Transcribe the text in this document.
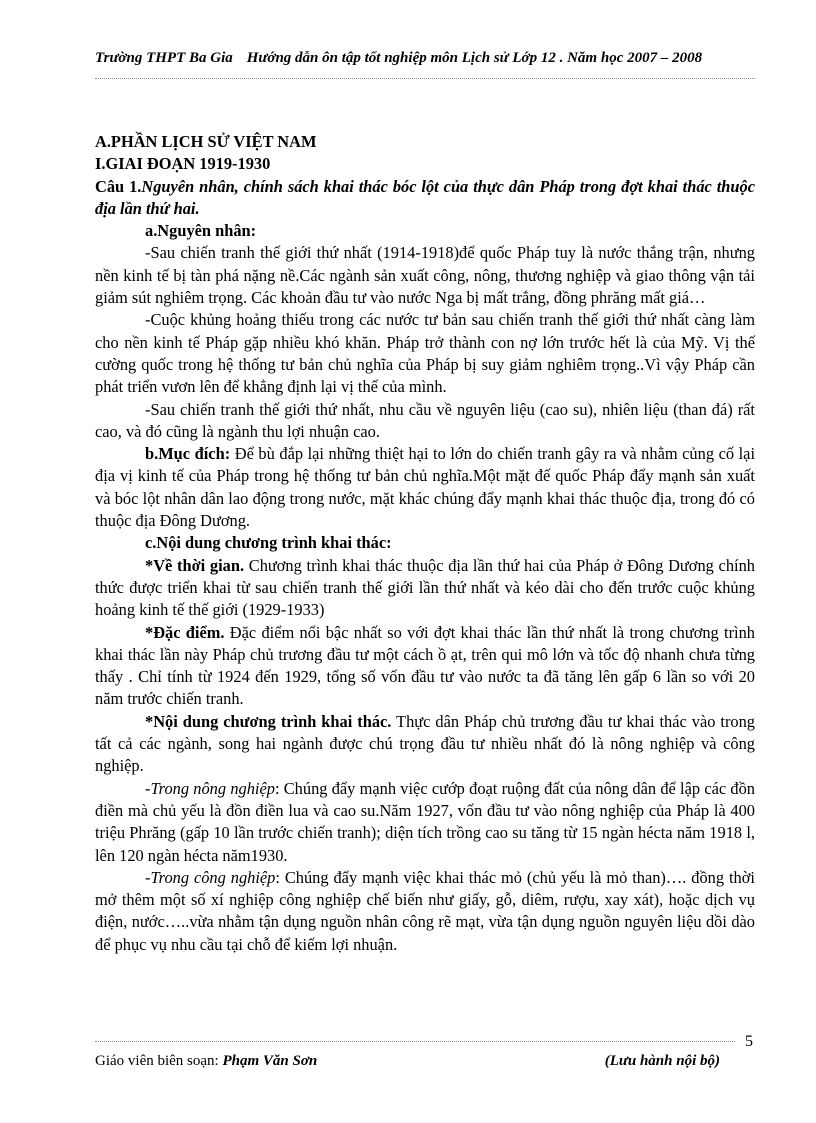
Trường THPT Ba Gia Hướng dẫn ôn tập tốt nghiệp môn Lịch sử Lớp 12 . Năm học 2007 – 2008

A.PHẦN LỊCH SỬ VIỆT NAM

I.GIAI ĐOẠN 1919-1930

Câu 1.Nguyên nhân, chính sách khai thác bóc lột của thực dân Pháp trong đợt khai thác thuộc địa lần thứ hai.

a.Nguyên nhân:

-Sau chiến tranh thế giới thứ nhất (1914-1918)để quốc Pháp tuy là nước thắng trận, nhưng nền kinh tế bị tàn phá nặng nề.Các ngành sản xuất công, nông, thương nghiệp và giao thông vận tải giảm sút nghiêm trọng. Các khoản đầu tư vào nước Nga bị mất trắng, đồng phrăng mất giá…

-Cuộc khủng hoảng thiếu trong các nước tư bản sau chiến tranh thế giới thứ nhất càng làm cho nền kinh tế Pháp gặp nhiều khó khăn. Pháp trở thành con nợ lớn trước hết là của Mỹ. Vị thế cường quốc trong hệ thống tư bản chủ nghĩa của Pháp bị suy giảm nghiêm trọng..Vì vậy Pháp cần phát triển vươn lên để khẳng định lại vị thế của mình.

-Sau chiến tranh thế giới thứ nhất, nhu cầu về nguyên liệu (cao su), nhiên liệu (than đá) rất cao, và đó cũng là ngành thu lợi nhuận cao.

b.Mục đích: Để bù đắp lại những thiệt hại to lớn do chiến tranh gây ra và nhằm củng cố lại địa vị kinh tế của Pháp trong hệ thống tư bản chủ nghĩa.Một mặt đế quốc Pháp đẩy mạnh sản xuất và bóc lột nhân dân lao động trong nước, mặt khác chúng đẩy mạnh khai thác thuộc địa, trong đó có thuộc địa Đông Dương.

c.Nội dung chương trình khai thác:

*Về thời gian. Chương trình khai thác thuộc địa lần thứ hai của Pháp ở Đông Dương chính thức được triển khai từ sau chiến tranh thế giới lần thứ nhất và kéo dài cho đến trước cuộc khủng hoảng kinh tế thế giới (1929-1933)

*Đặc điểm. Đặc điểm nổi bậc nhất so với đợt khai thác lần thứ nhất là trong chương trình khai thác lần này Pháp chủ trương đầu tư một cách ồ ạt, trên qui mô lớn và tốc độ nhanh chưa từng thấy . Chỉ tính từ 1924 đến 1929, tổng số vốn đầu tư vào nước ta đã tăng lên gấp 6 lần so với 20 năm trước chiến tranh.

*Nội dung chương trình khai thác. Thực dân Pháp chủ trương đầu tư khai thác vào trong tất cả các ngành, song hai ngành được chú trọng đầu tư nhiều nhất đó là nông nghiệp và công nghiệp.

-Trong nông nghiệp: Chúng đẩy mạnh việc cướp đoạt ruộng đất của nông dân để lập các đồn điền mà chủ yếu là đồn điền lua và cao su.Năm 1927, vốn đầu tư vào nông nghiệp của Pháp là 400 triệu Phrăng (gấp 10 lần trước chiến tranh); diện tích trồng cao su tăng từ 15 ngàn hécta năm 1918 l, lên 120 ngàn hécta năm1930.

-Trong công nghiệp: Chúng đẩy mạnh việc khai thác mỏ (chủ yếu là mỏ than)…. đồng thời mở thêm một số xí nghiệp công nghiệp chế biến như giấy, gỗ, diêm, rượu, xay xát), hoặc dịch vụ điện, nước…..vừa nhằm tận dụng nguồn nhân công rẽ mạt, vừa tận dụng nguồn nguyên liệu dồi dào để phục vụ nhu cầu tại chỗ để kiếm lợi nhuận.

5
Giáo viên biên soạn: Phạm Văn Sơn	(Lưu hành nội bộ)
